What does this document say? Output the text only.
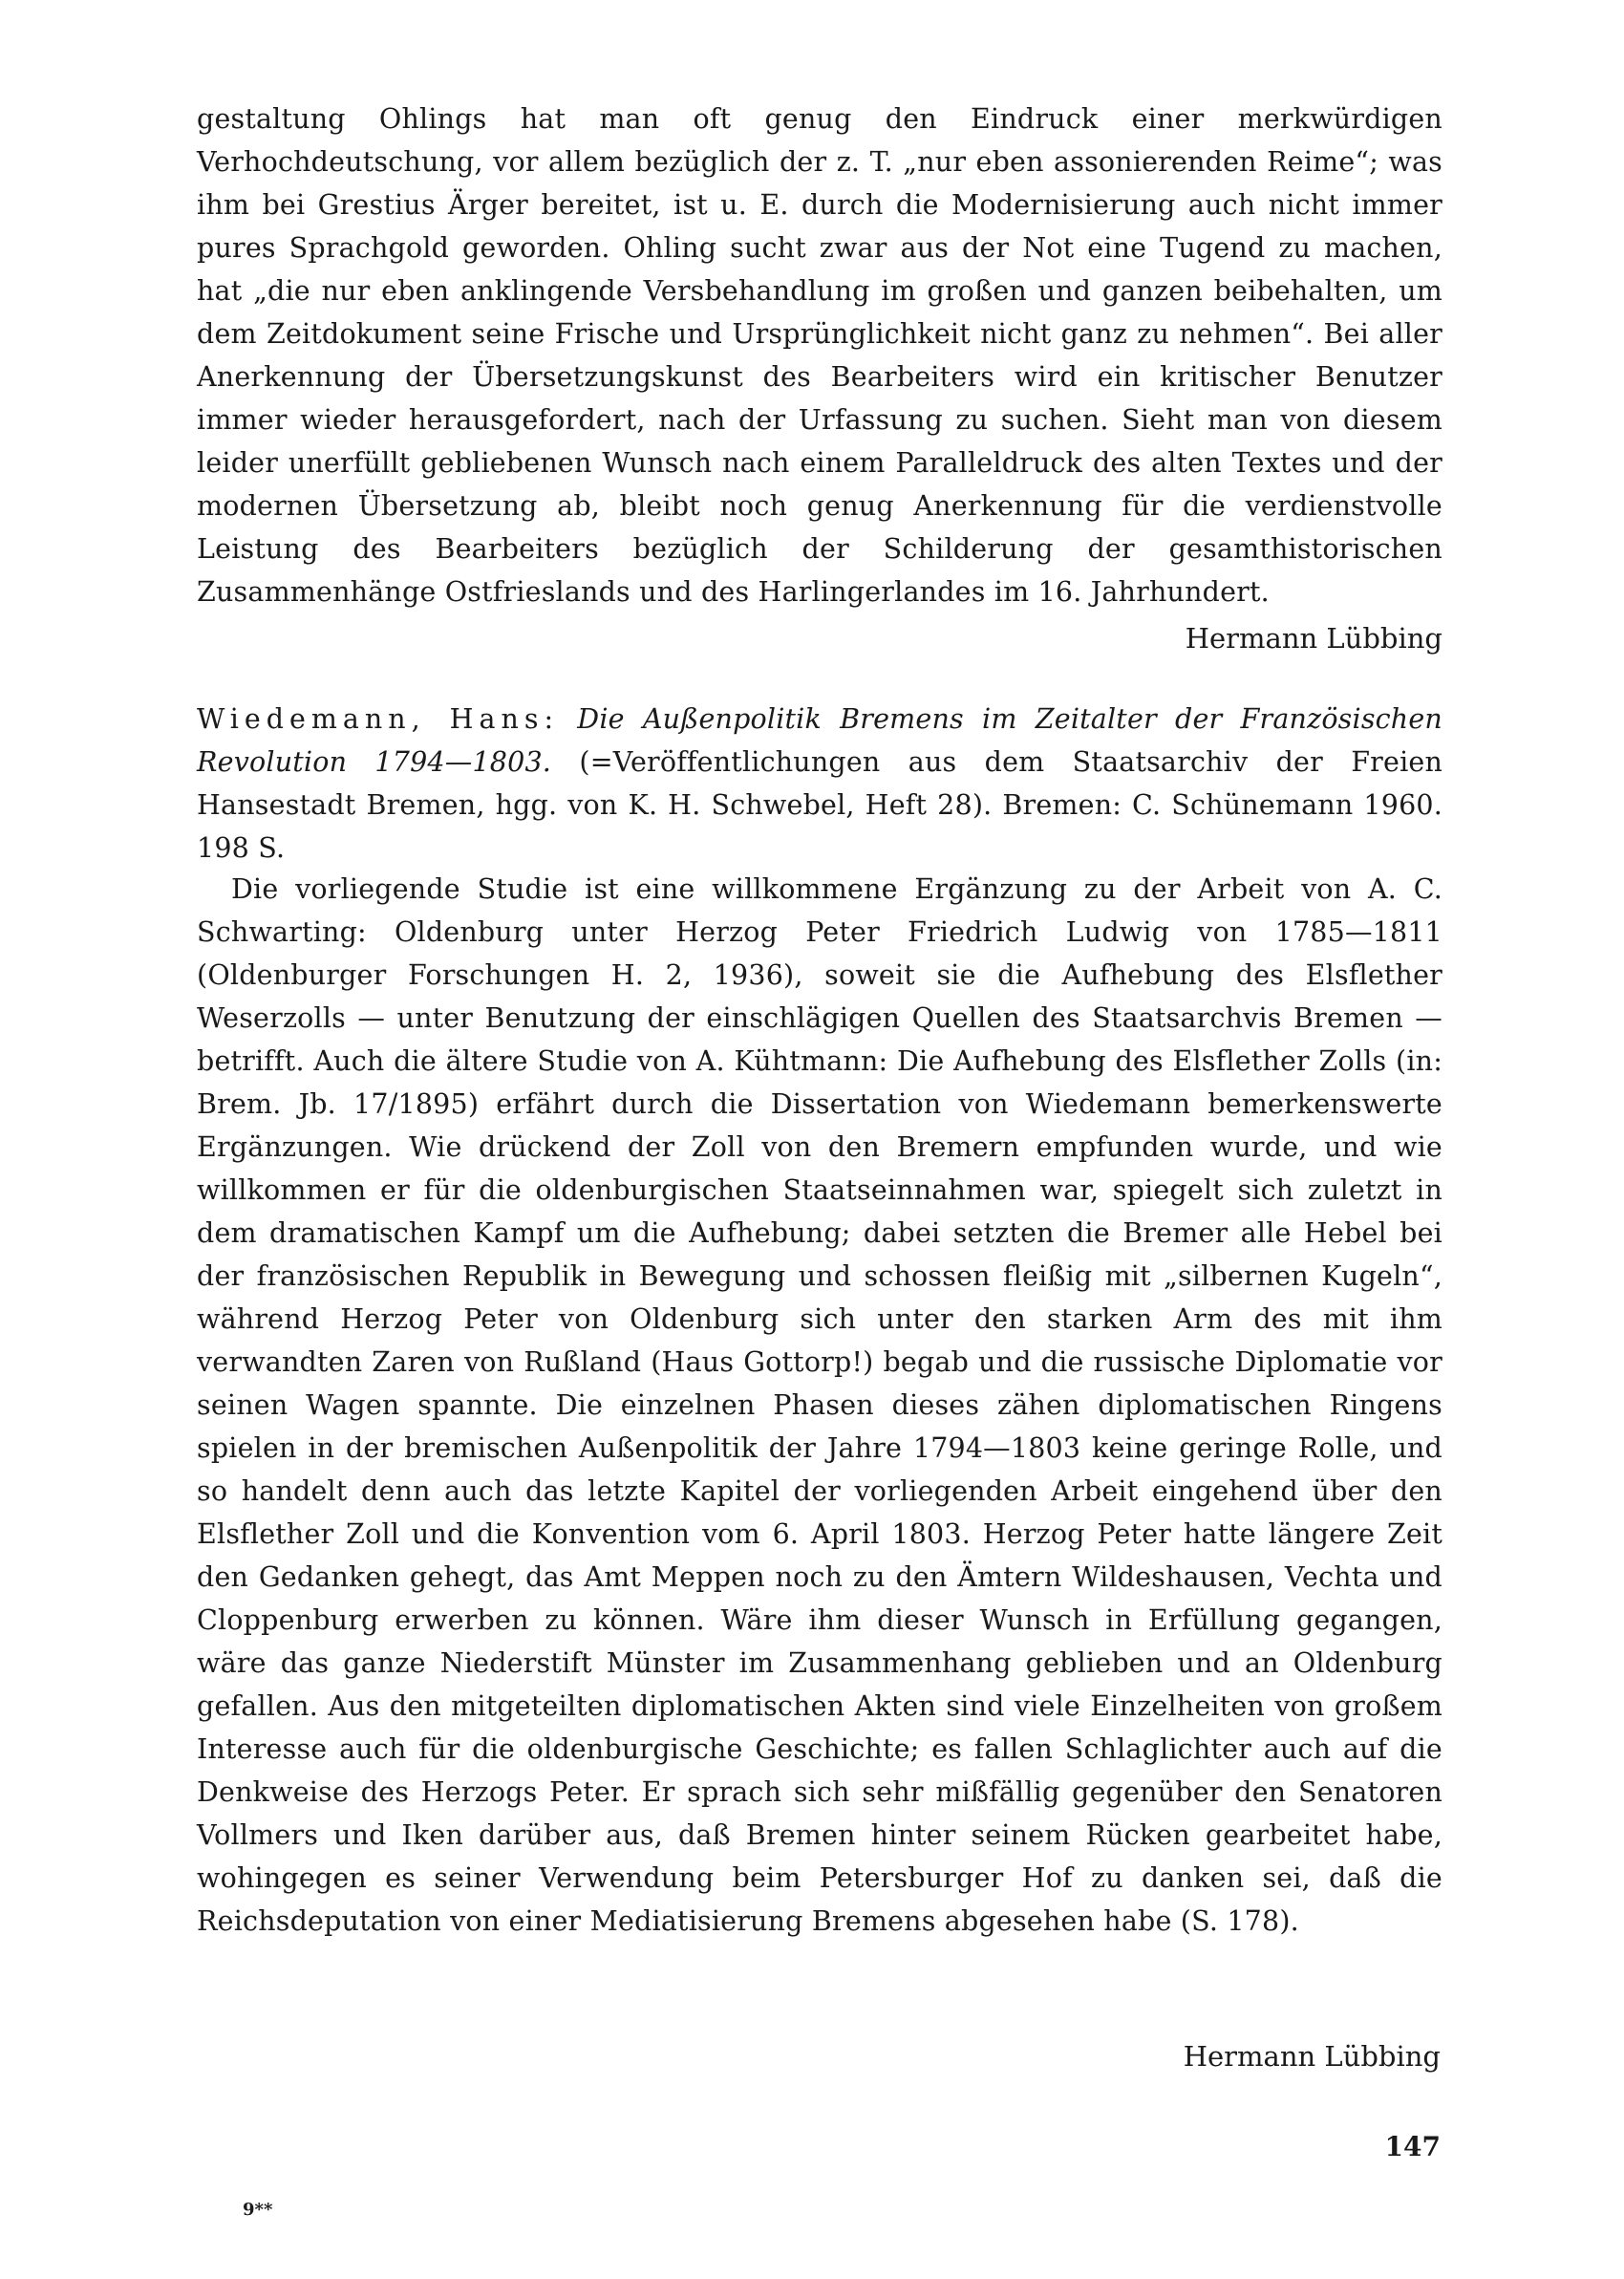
gestaltung Ohlings hat man oft genug den Eindruck einer merkwürdigen Verhochdeutschung, vor allem bezüglich der z. T. „nur eben assonierenden Reime“; was ihm bei Grestius Ärger bereitet, ist u. E. durch die Modernisierung auch nicht immer pures Sprachgold geworden. Ohling sucht zwar aus der Not eine Tugend zu machen, hat „die nur eben anklingende Versbehandlung im großen und ganzen beibehalten, um dem Zeitdokument seine Frische und Ursprünglichkeit nicht ganz zu nehmen“. Bei aller Anerkennung der Übersetzungskunst des Bearbeiters wird ein kritischer Benutzer immer wieder herausgefordert, nach der Urfassung zu suchen. Sieht man von diesem leider unerfüllt gebliebenen Wunsch nach einem Paralleldruck des alten Textes und der modernen Übersetzung ab, bleibt noch genug Anerkennung für die verdienstvolle Leistung des Bearbeiters bezüglich der Schilderung der gesamthistorischen Zusammenhänge Ostfrieslands und des Harlingerlandes im 16. Jahrhundert.

Hermann Lübbing

Wiedemann, Hans: Die Außenpolitik Bremens im Zeitalter der Französischen Revolution 1794—1803. (=Veröffentlichungen aus dem Staatsarchiv der Freien Hansestadt Bremen, hgg. von K. H. Schwebel, Heft 28). Bremen: C. Schünemann 1960. 198 S.

Die vorliegende Studie ist eine willkommene Ergänzung zu der Arbeit von A. C. Schwarting: Oldenburg unter Herzog Peter Friedrich Ludwig von 1785—1811 (Oldenburger Forschungen H. 2, 1936), soweit sie die Aufhebung des Elsflether Weserzolls — unter Benutzung der einschlägigen Quellen des Staatsarchvis Bremen — betrifft. Auch die ältere Studie von A. Kühtmann: Die Aufhebung des Elsflether Zolls (in: Brem. Jb. 17/1895) erfährt durch die Dissertation von Wiedemann bemerkenswerte Ergänzungen. Wie drückend der Zoll von den Bremern empfunden wurde, und wie willkommen er für die oldenburgischen Staatseinnahmen war, spiegelt sich zuletzt in dem dramatischen Kampf um die Aufhebung; dabei setzten die Bremer alle Hebel bei der französischen Republik in Bewegung und schossen fleißig mit „silbernen Kugeln“, während Herzog Peter von Oldenburg sich unter den starken Arm des mit ihm verwandten Zaren von Rußland (Haus Gottorp!) begab und die russische Diplomatie vor seinen Wagen spannte. Die einzelnen Phasen dieses zähen diplomatischen Ringens spielen in der bremischen Außenpolitik der Jahre 1794—1803 keine geringe Rolle, und so handelt denn auch das letzte Kapitel der vorliegenden Arbeit eingehend über den Elsflether Zoll und die Konvention vom 6. April 1803. Herzog Peter hatte längere Zeit den Gedanken gehegt, das Amt Meppen noch zu den Ämtern Wildeshausen, Vechta und Cloppenburg erwerben zu können. Wäre ihm dieser Wunsch in Erfüllung gegangen, wäre das ganze Niederstift Münster im Zusammenhang geblieben und an Oldenburg gefallen. Aus den mitgeteilten diplomatischen Akten sind viele Einzelheiten von großem Interesse auch für die oldenburgische Geschichte; es fallen Schlaglichter auch auf die Denkweise des Herzogs Peter. Er sprach sich sehr mißfällig gegenüber den Senatoren Vollmers und Iken darüber aus, daß Bremen hinter seinem Rücken gearbeitet habe, wohingegen es seiner Verwendung beim Petersburger Hof zu danken sei, daß die Reichsdeputation von einer Mediatisierung Bremens abgesehen habe (S. 178).

Hermann Lübbing
147
9**
